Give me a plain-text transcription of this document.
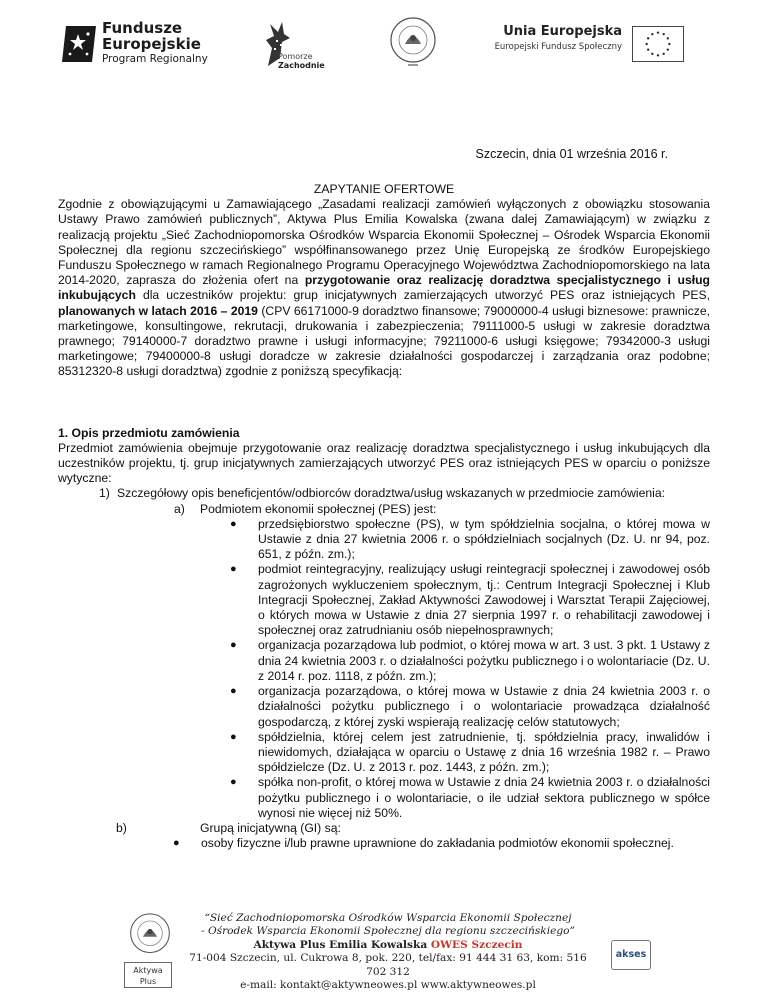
Fundusze
Europejskie
Program Regionalny	Pomorze
Zachodnie
Unia Europejska
Europejski Fundusz Społeczny
Szczecin, dnia 01 września 2016 r.
ZAPYTANIE OFERTOWE

Zgodnie z obowiązującymi u Zamawiającego „Zasadami realizacji zamówień wyłączonych z obowiązku stosowania Ustawy Prawo zamówień publicznych”, Aktywa Plus Emilia Kowalska (zwana dalej Zamawiającym) w związku z realizacją projektu „Sieć Zachodniopomorska Ośrodków Wsparcia Ekonomii Społecznej – Ośrodek Wsparcia Ekonomii Społecznej dla regionu szczecińskiego” współfinansowanego przez Unię Europejską ze środków Europejskiego Funduszu Społecznego w ramach Regionalnego Programu Operacyjnego Województwa Zachodniopomorskiego na lata 2014-2020, zaprasza do złożenia ofert na przygotowanie oraz realizację doradztwa specjalistycznego i usług inkubujących dla uczestników projektu: grup inicjatywnych zamierzających utworzyć PES oraz istniejących PES, planowanych w latach 2016 – 2019 (CPV 66171000-9 doradztwo finansowe; 79000000-4 usługi biznesowe: prawnicze, marketingowe, konsultingowe, rekrutacji, drukowania i zabezpieczenia; 79111000-5 usługi w zakresie doradztwa prawnego; 79140000-7 doradztwo prawne i usługi informacyjne; 79211000-6 usługi księgowe; 79342000-3 usługi marketingowe; 79400000-8 usługi doradcze w zakresie działalności gospodarczej i zarządzania oraz podobne; 85312320-8 usługi doradztwa) zgodnie z poniższą specyfikacją:

1. Opis przedmiotu zamówienia

Przedmiot zamówienia obejmuje przygotowanie oraz realizację doradztwa specjalistycznego i usług inkubujących dla uczestników projektu, tj. grup inicjatywnych zamierzających utworzyć PES oraz istniejących PES w oparciu o poniższe wytyczne:

1) Szczegółowy opis beneficjentów/odbiorców doradztwa/usług wskazanych w przedmiocie zamówienia:
a) Podmiotem ekonomii społecznej (PES) jest:
● przedsiębiorstwo społeczne (PS), w tym spółdzielnia socjalna, o której mowa w Ustawie z dnia 27 kwietnia 2006 r. o spółdzielniach socjalnych (Dz. U. nr 94, poz. 651, z późn. zm.);
● podmiot reintegracyjny, realizujący usługi reintegracji społecznej i zawodowej osób zagrożonych wykluczeniem społecznym, tj.: Centrum Integracji Społecznej i Klub Integracji Społecznej, Zakład Aktywności Zawodowej i Warsztat Terapii Zajęciowej, o których mowa w Ustawie z dnia 27 sierpnia 1997 r. o rehabilitacji zawodowej i społecznej oraz zatrudnianiu osób niepełnosprawnych;
● organizacja pozarządowa lub podmiot, o której mowa w art. 3 ust. 3 pkt. 1 Ustawy z dnia 24 kwietnia 2003 r. o działalności pożytku publicznego i o wolontariacie (Dz. U. z 2014 r. poz. 1118, z późn. zm.);
● organizacja pozarządowa, o której mowa w Ustawie z dnia 24 kwietnia 2003 r. o działalności pożytku publicznego i o wolontariacie prowadząca działalność gospodarczą, z której zyski wspierają realizację celów statutowych;
● spółdzielnia, której celem jest zatrudnienie, tj. spółdzielnia pracy, inwalidów i niewidomych, działająca w oparciu o Ustawę z dnia 16 września 1982 r. – Prawo spółdzielcze (Dz. U. z 2013 r. poz. 1443, z późn. zm.);
● spółka non-profit, o której mowa w Ustawie z dnia 24 kwietnia 2003 r. o działalności pożytku publicznego i o wolontariacie, o ile udział sektora publicznego w spółce wynosi nie więcej niż 50%.
b)	Grupą inicjatywną (GI) są:
● osoby fizyczne i/lub prawne uprawnione do zakładania podmiotów ekonomii społecznej.
Aktywa Plus
“Sieć Zachodniopomorska Ośrodków Wsparcia Ekonomii Społecznej
- Ośrodek Wsparcia Ekonomii Społecznej dla regionu szczecińskiego”
Aktywa Plus Emilia Kowalska OWES Szczecin
71-004 Szczecin, ul. Cukrowa 8, pok. 220, tel/fax: 91 444 31 63, kom: 516 702 312
e-mail: kontakt@aktywneowes.pl www.aktywneowes.pl
akses
